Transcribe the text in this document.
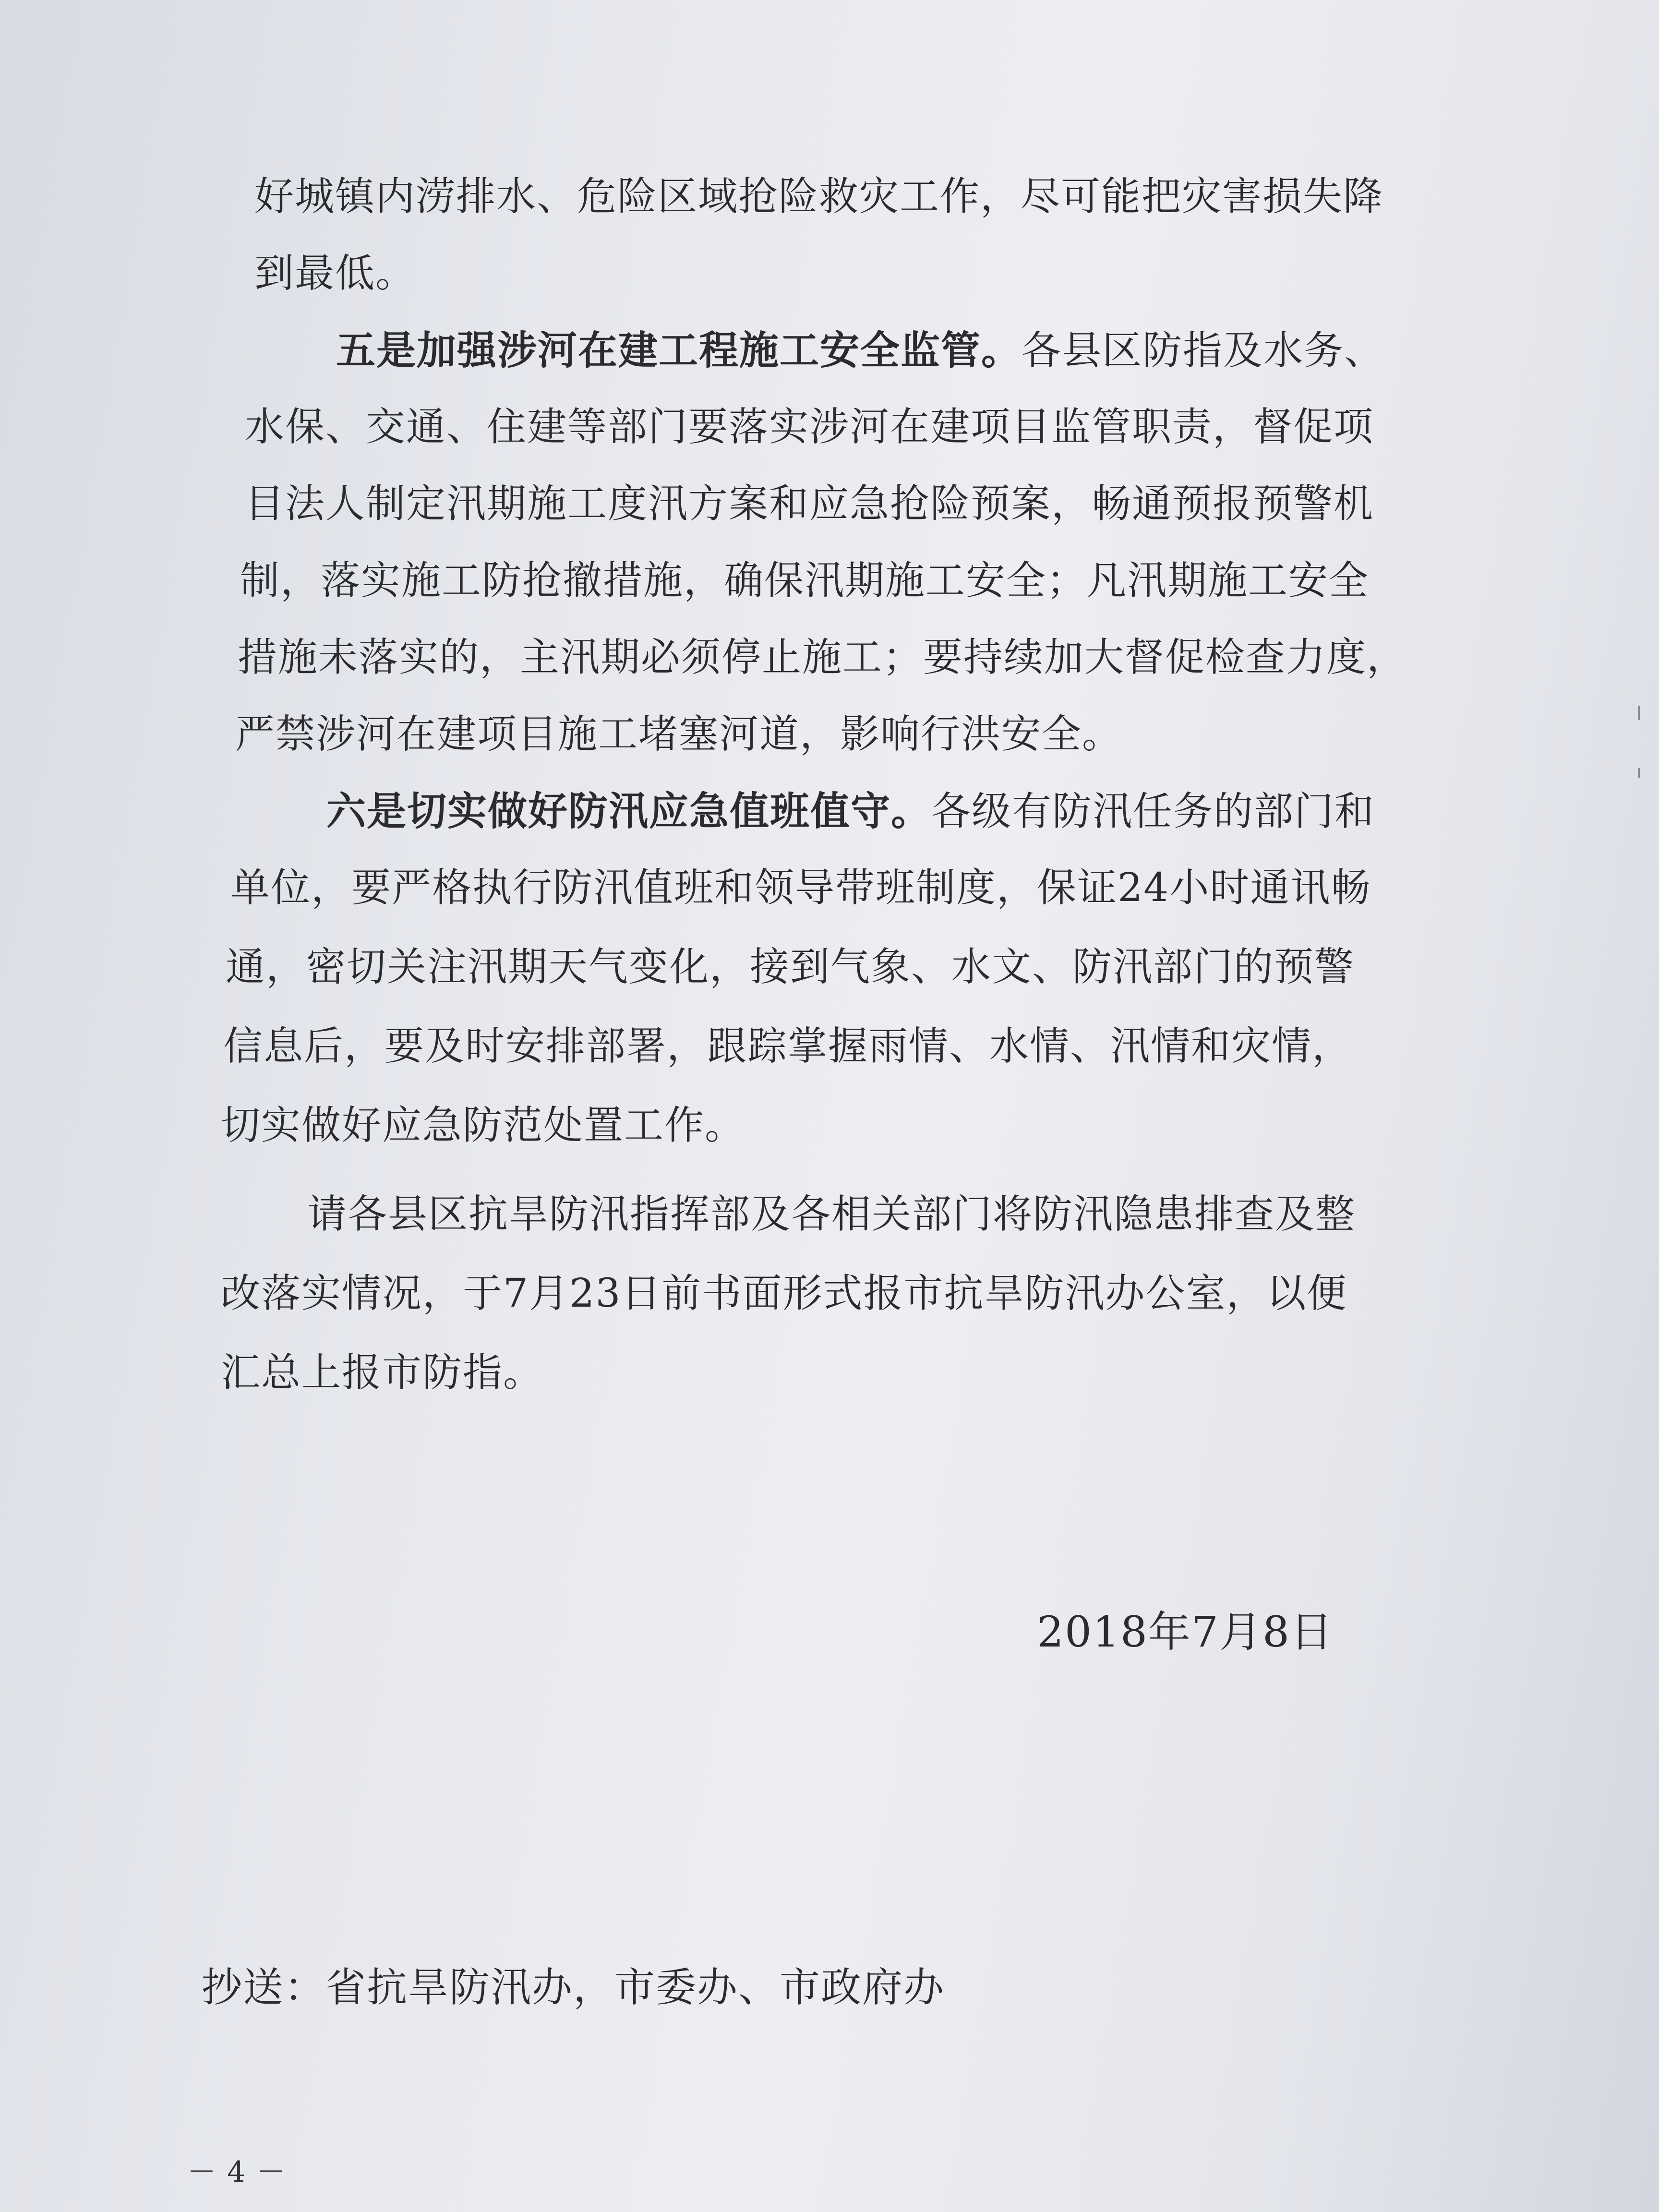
好城镇内涝排水、危险区域抢险救灾工作，尽可能把灾害损失降
到最低。
五是加强涉河在建工程施工安全监管。各县区防指及水务、
水保、交通、住建等部门要落实涉河在建项目监管职责，督促项
目法人制定汛期施工度汛方案和应急抢险预案，畅通预报预警机
制，落实施工防抢撤措施，确保汛期施工安全；凡汛期施工安全
措施未落实的，主汛期必须停止施工；要持续加大督促检查力度，
严禁涉河在建项目施工堵塞河道，影响行洪安全。
六是切实做好防汛应急值班值守。各级有防汛任务的部门和
单位，要严格执行防汛值班和领导带班制度，保证24小时通讯畅
通，密切关注汛期天气变化，接到气象、水文、防汛部门的预警
信息后，要及时安排部署，跟踪掌握雨情、水情、汛情和灾情，
切实做好应急防范处置工作。
请各县区抗旱防汛指挥部及各相关部门将防汛隐患排查及整
改落实情况，于7月23日前书面形式报市抗旱防汛办公室，以便
汇总上报市防指。
2018年7月8日
抄送：省抗旱防汛办，市委办、市政府办
－ 4 －
